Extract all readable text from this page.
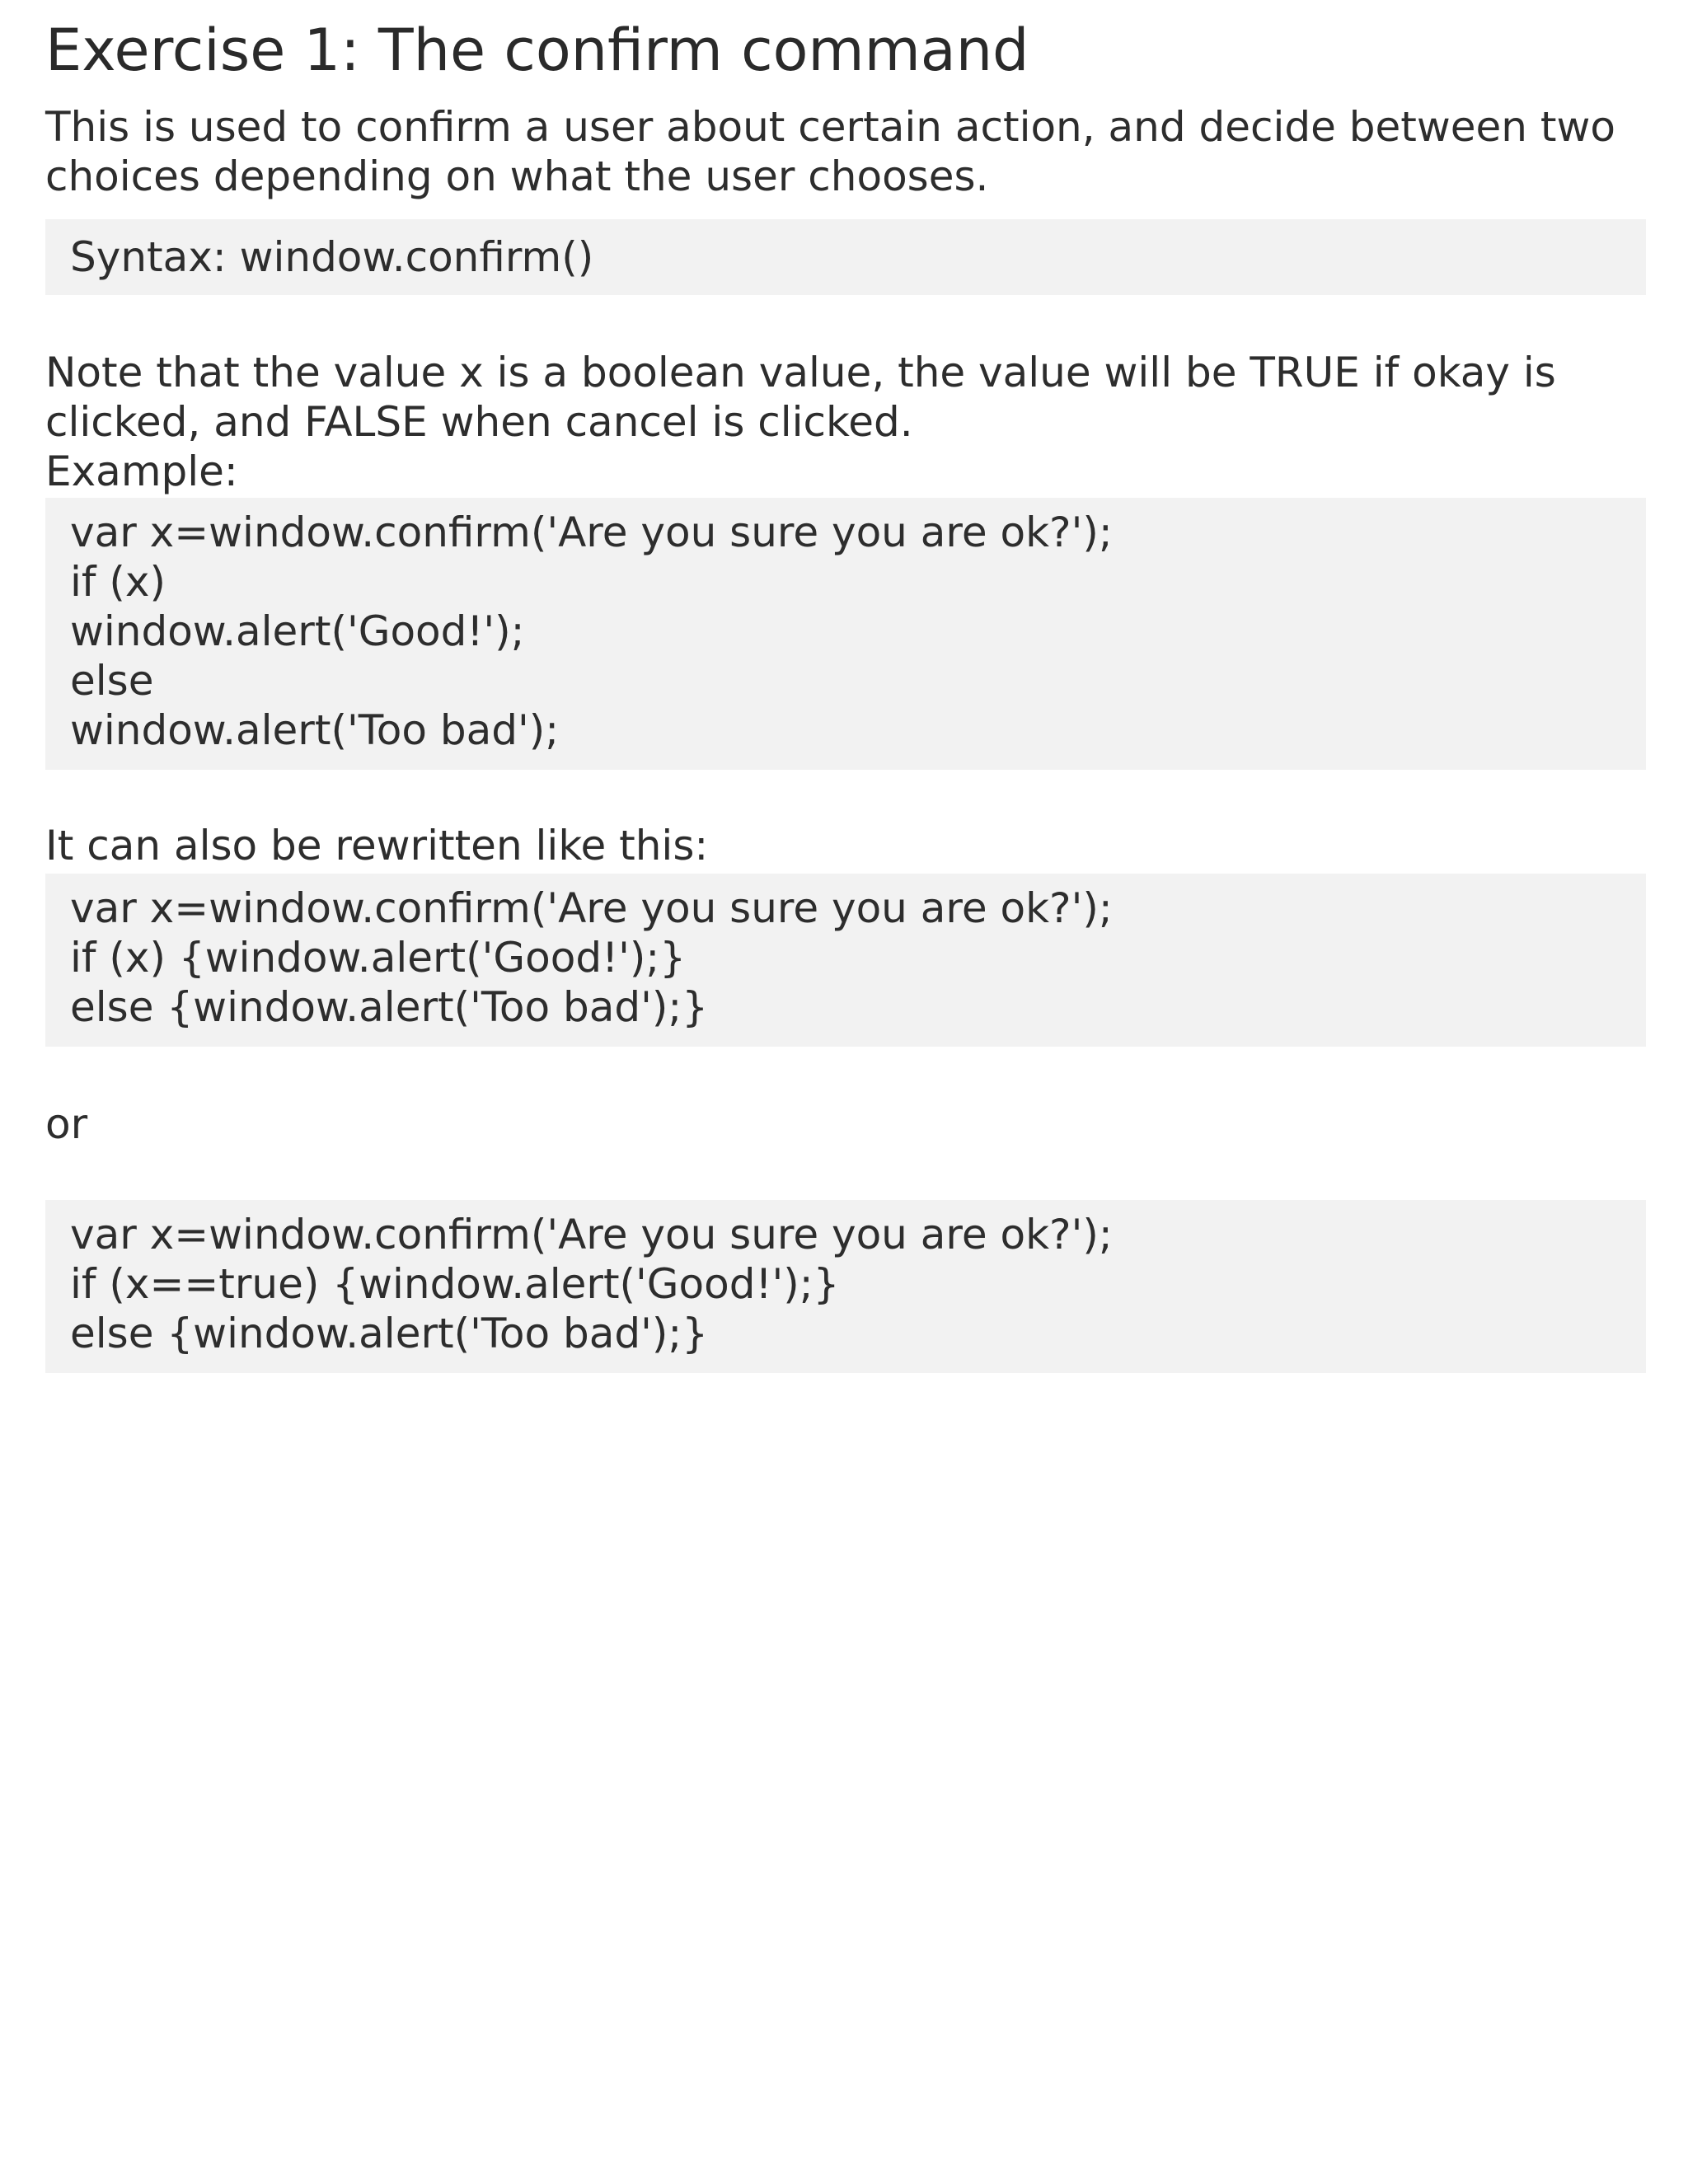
Exercise 1: The confirm command

This is used to confirm a user about certain action, and decide between two choices depending on what the user chooses.

Syntax: window.confirm()

Note that the value x is a boolean value, the value will be TRUE if okay is clicked, and FALSE when cancel is clicked.

Example:

var x=window.confirm('Are you sure you are ok?');
if (x)
window.alert('Good!');
else
window.alert('Too bad');

It can also be rewritten like this:

var x=window.confirm('Are you sure you are ok?');
if (x) {window.alert('Good!');}
else {window.alert('Too bad');}

or

var x=window.confirm('Are you sure you are ok?');
if (x==true) {window.alert('Good!');}
else {window.alert('Too bad');}
